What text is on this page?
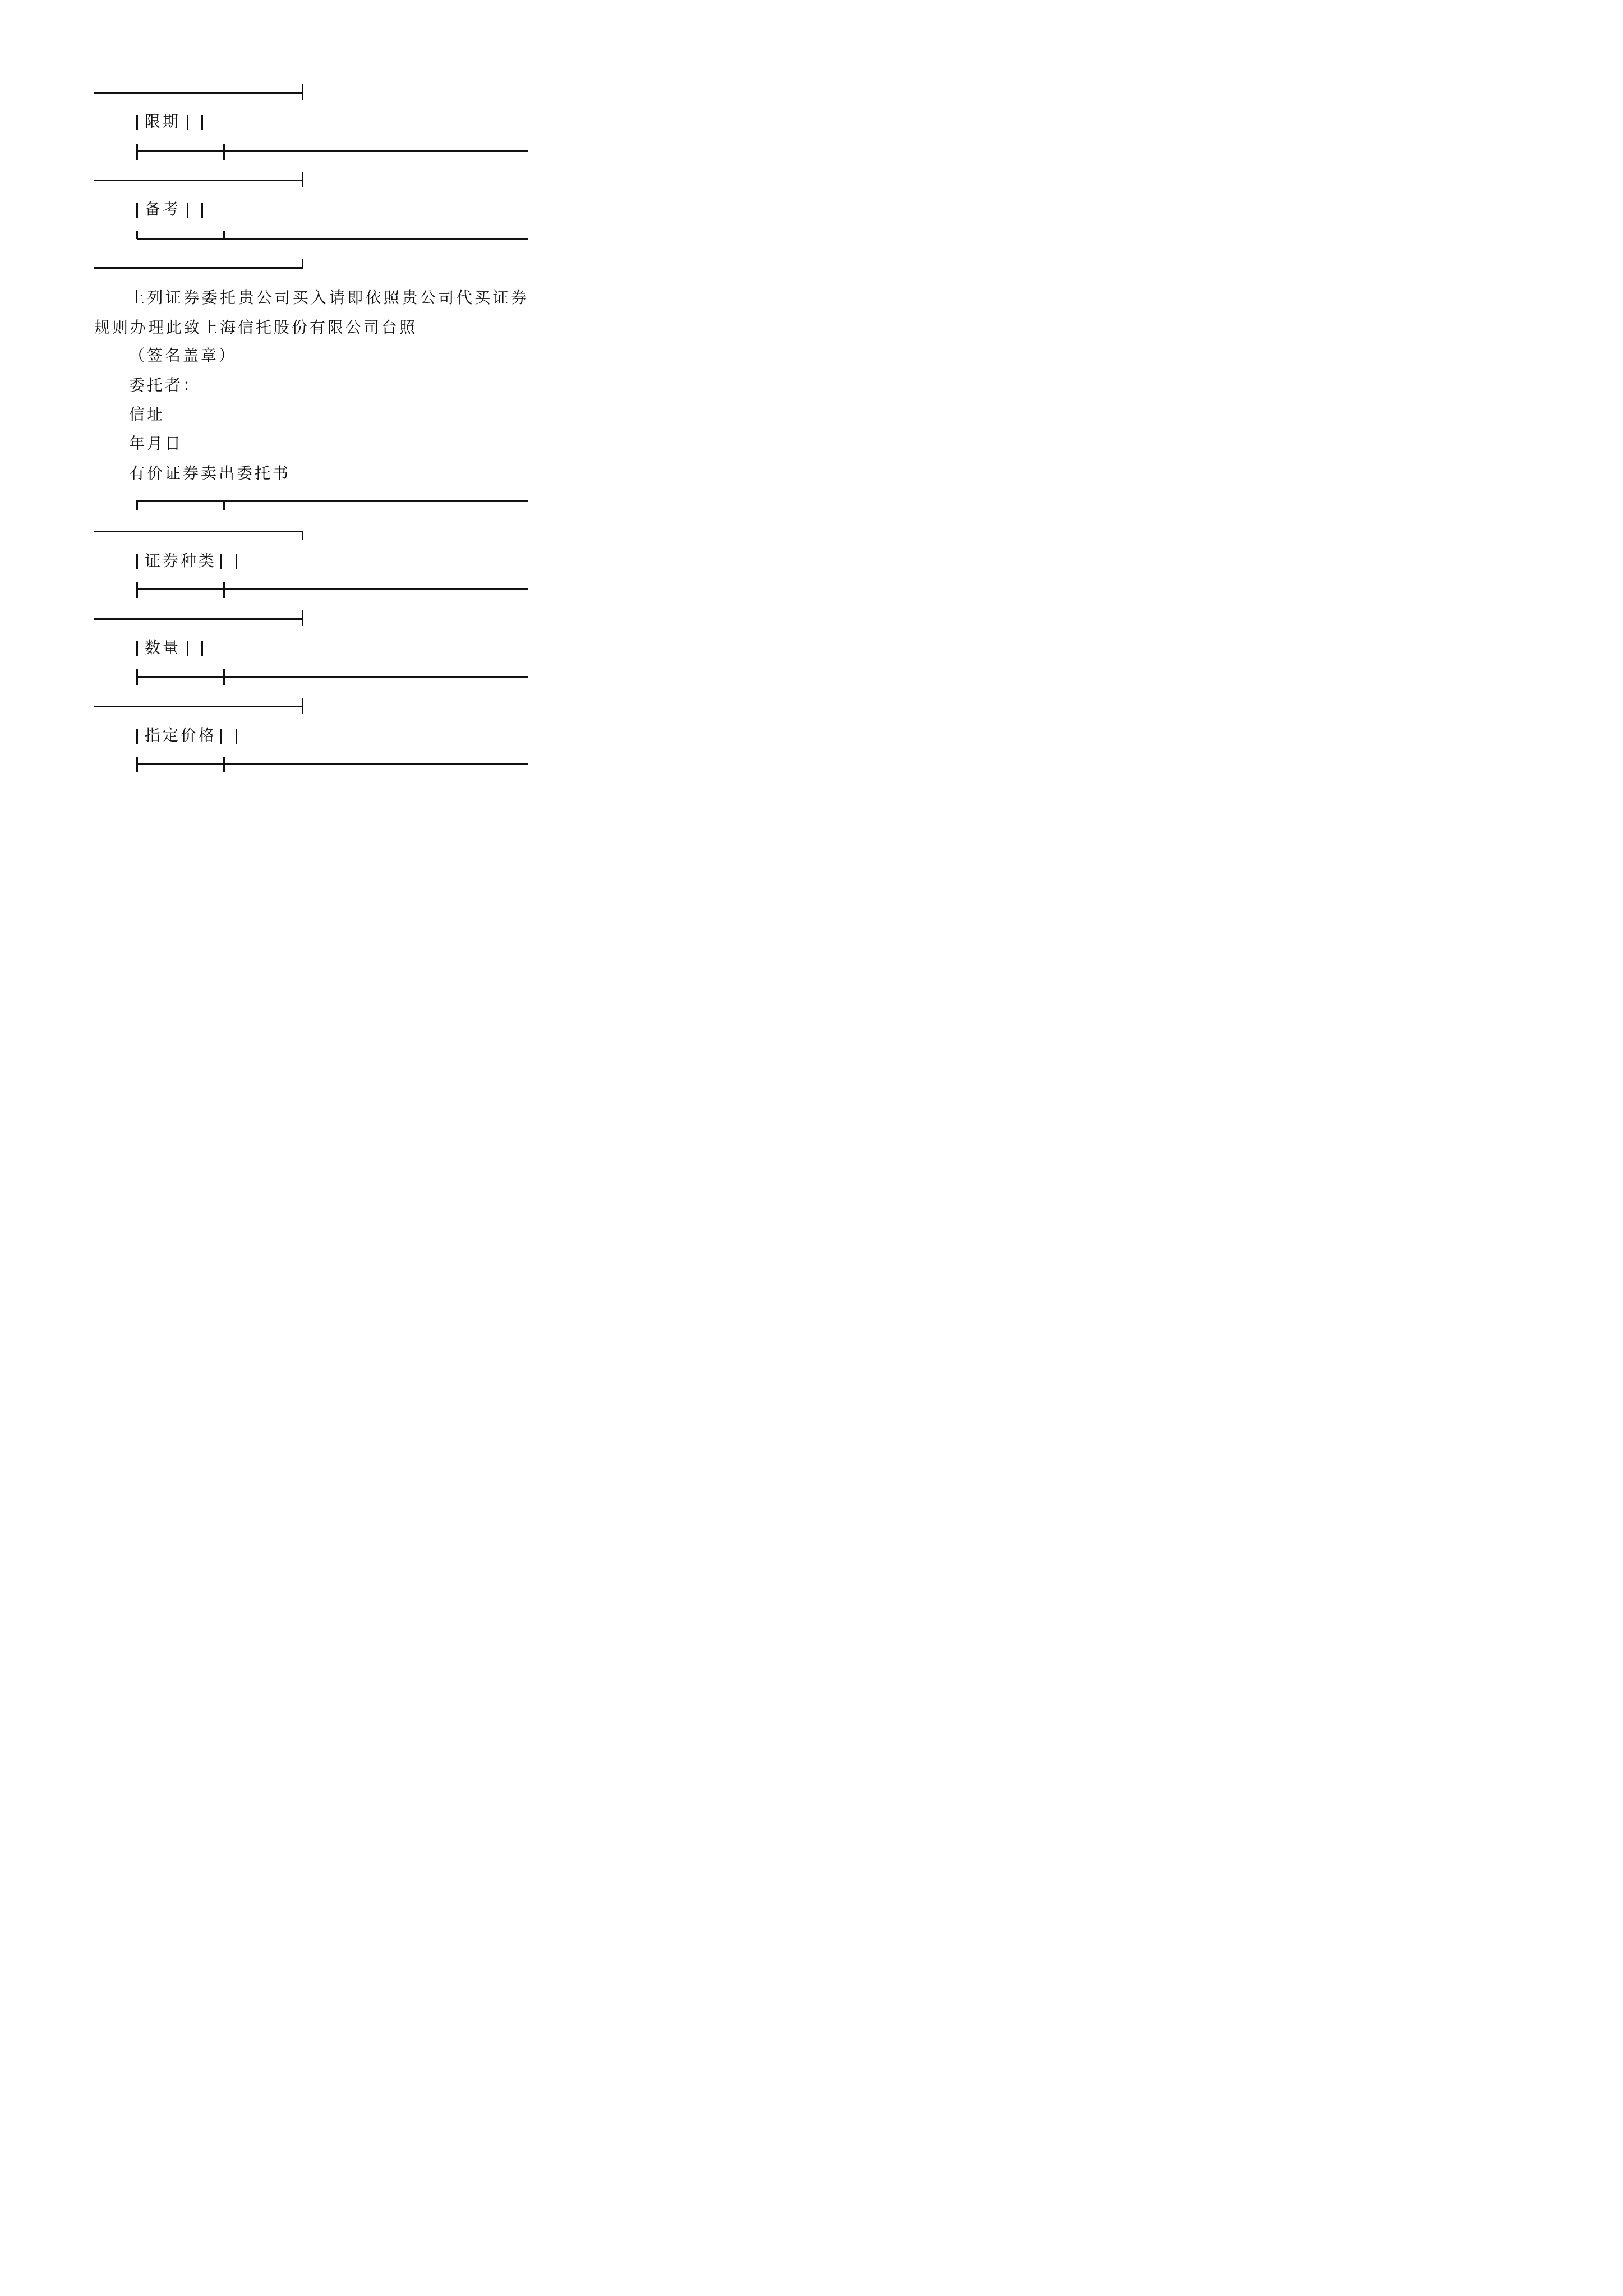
限期
备考

上列证券委托贵公司买入请即依照贵公司代买证券规则办理此致上海信托股份有限公司台照

（签名盖章）
委托者：
信址
年月日
有价证券卖出委托书
证券种类
数量
指定价格
